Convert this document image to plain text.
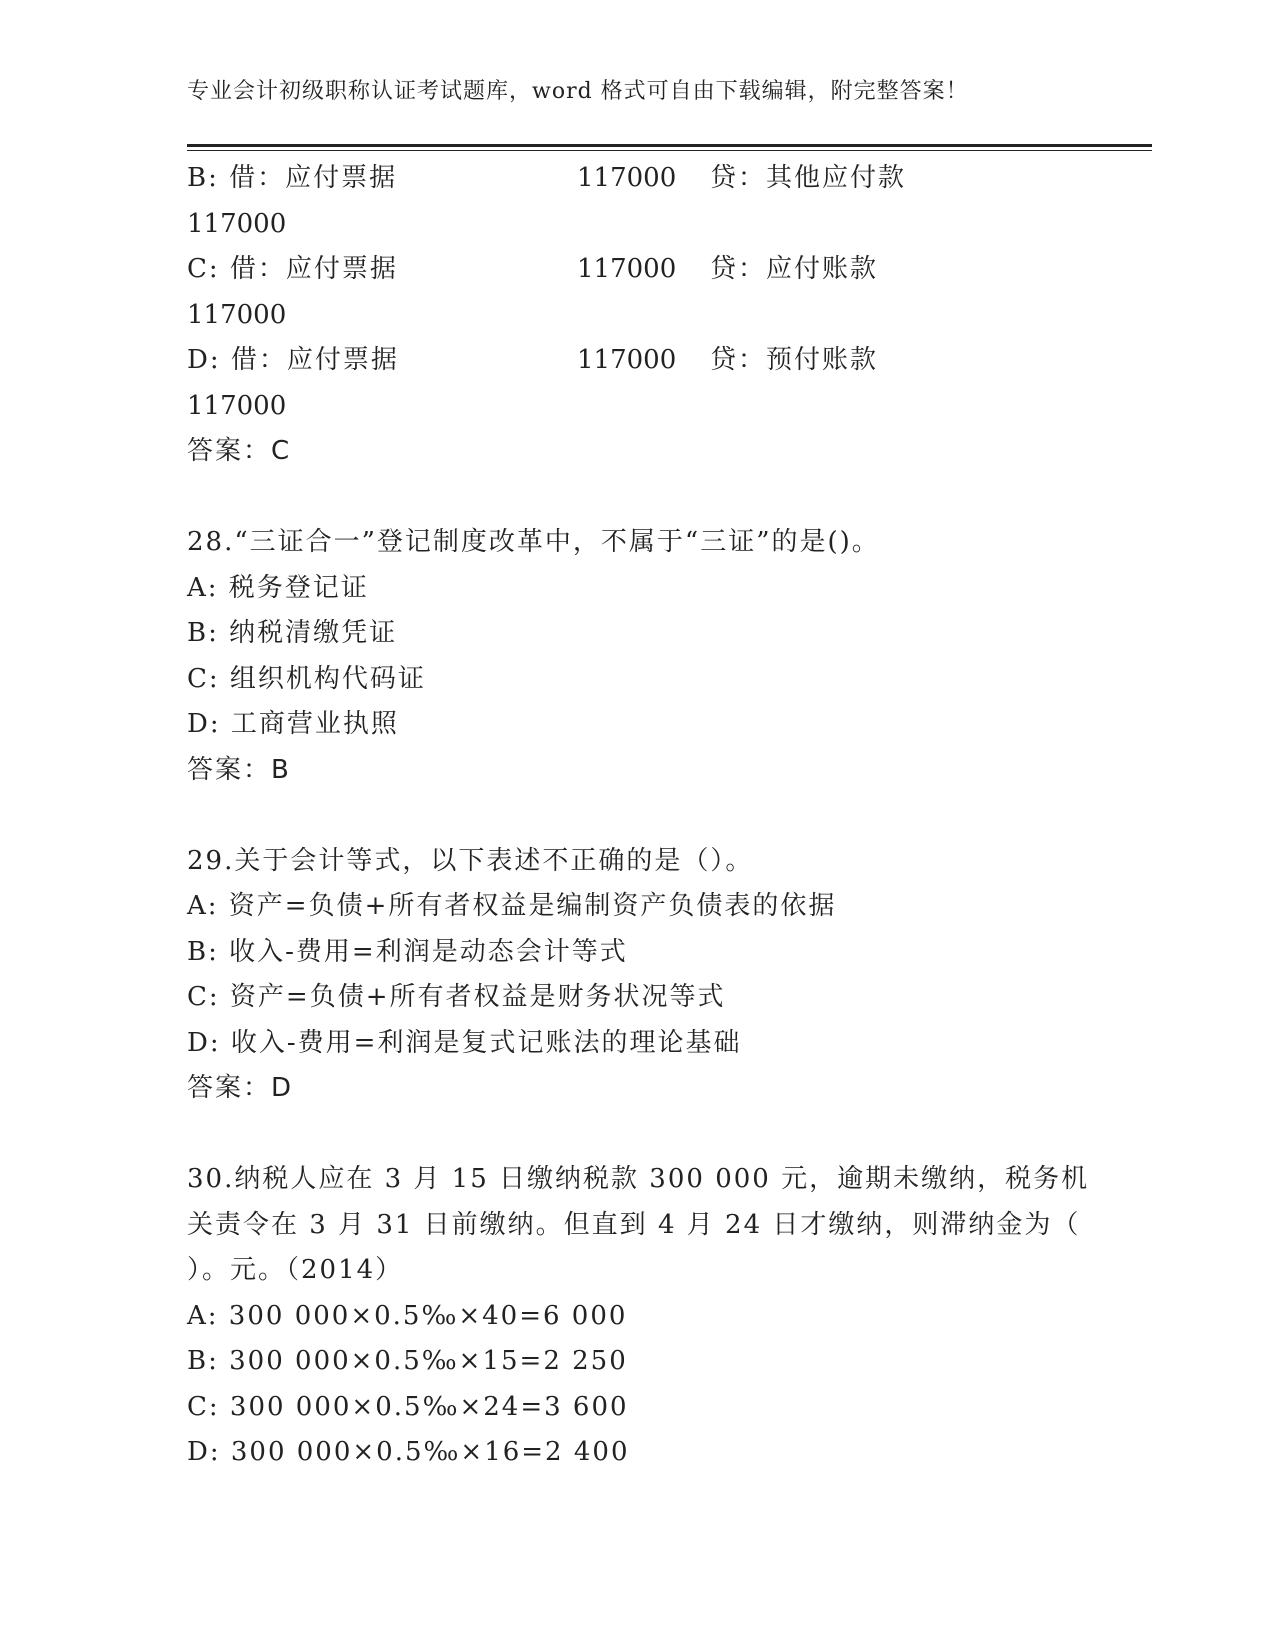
专业会计初级职称认证考试题库，word 格式可自由下载编辑，附完整答案！
B: 借：应付票据	117000 贷：其他应付款
117000
C: 借：应付票据	117000 贷：应付账款
117000
D: 借：应付票据	117000 贷：预付账款
117000
答案：C
28.“三证合一”登记制度改革中，不属于“三证”的是()。
A: 税务登记证
B: 纳税清缴凭证
C: 组织机构代码证
D: 工商营业执照
答案：B
29.关于会计等式，以下表述不正确的是（）。
A: 资产=负债+所有者权益是编制资产负债表的依据
B: 收入-费用=利润是动态会计等式
C: 资产=负债+所有者权益是财务状况等式
D: 收入-费用=利润是复式记账法的理论基础
答案：D
30.纳税人应在 3 月 15 日缴纳税款 300 000 元，逾期未缴纳，税务机
关责令在 3 月 31 日前缴纳。但直到 4 月 24 日才缴纳，则滞纳金为（
）。元。（2014）
A: 300 000×0.5‰×40=6 000
B: 300 000×0.5‰×15=2 250
C: 300 000×0.5‰×24=3 600
D: 300 000×0.5‰×16=2 400
